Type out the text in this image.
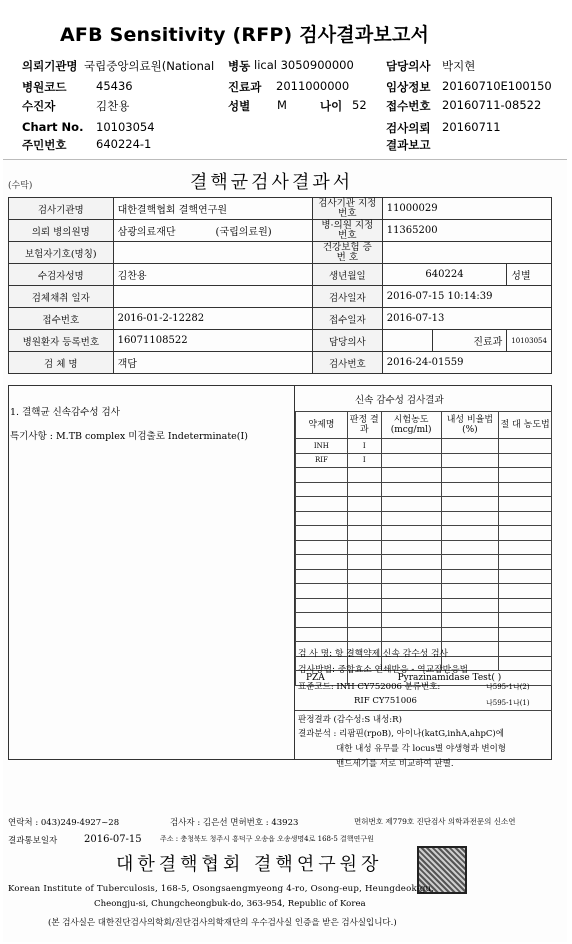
AFB Sensitivity (RFP) 검사결과보고서
의뢰기관명 국립중앙의료원(National 병동 lical 3050900000	담당의사 박지현
병원코드	45436	진료과 2011000000	임상정보 20160710E100150
수진자	김찬용	성별 M	나이 52 접수번호 20160711-08522
Chart No. 10103054	검사의뢰 20160711
주민번호	640224-1	결과보고
(수탁)	결핵균검사결과서
검사기관명	대한결핵협회 결핵연구원	검사기관 지정번호	11000029		
의뢰 병의원명	삼광의료재단 (국립의료원)	병·의원 지정번호	11365200		
보험자기호(명칭)		건강보험 증 번 호			
수검자성명	김찬용	생년월일	640224		성별
검체채취 일자		검사일자	2016-07-15 10:14:39		
접수번호	2016-01-2-12282	접수일자	2016-07-13		
병원환자 등록번호	16071108522	담당의사		진료과	10103054
검 체 명	객담	검사번호	2016-24-01559		
1. 결핵균 신속감수성 검사
특기사항 : M.TB complex 미검출로 Indeterminate(I)
신속 감수성 검사결과
약제명	판정 결과	시험농도 (mcg/ml)	내성 비율법(%)	절 대 농도법
INH	I			
RIF	I			

PZA	Pyrazinamidase Test( )			
검 사 명: 항 결핵약제 신속 감수성 검사
검사방법: 중합효소 연쇄반응 - 역교잡반응법
표준코드: INH CY752006 분류번호:	나595-1나(2)
RIF CY751006	나595-1나(1)
판정결과 (감수성:S 내성:R)
결과분석 : 리팜핀(rpoB), 아이나(katG,inhA,ahpC)에
대한 내성 유무를 각 locus별 야생형과 변이형
밴드세기를 서로 비교하여 판별.
연락처 : 043)249-4927~28	검사자 : 김은선 면허번호 : 43923	면허번호 제779호 진단검사 의학과전문의 신소연
결과통보일자	2016-07-15	주소 : 충청북도 청주시 흥덕구 오송읍 오송생명4로 168-5 결핵연구원
대한결핵협회 결핵연구원장
Korean Institute of Tuberculosis, 168-5, Osongsaengmyeong 4-ro, Osong-eup, Heungdeok-gu,
Cheongju-si, Chungcheongbuk-do, 363-954, Republic of Korea
(본 검사실은 대한진단검사의학회/진단검사의학재단의 우수검사실 인증을 받은 검사실입니다.)
